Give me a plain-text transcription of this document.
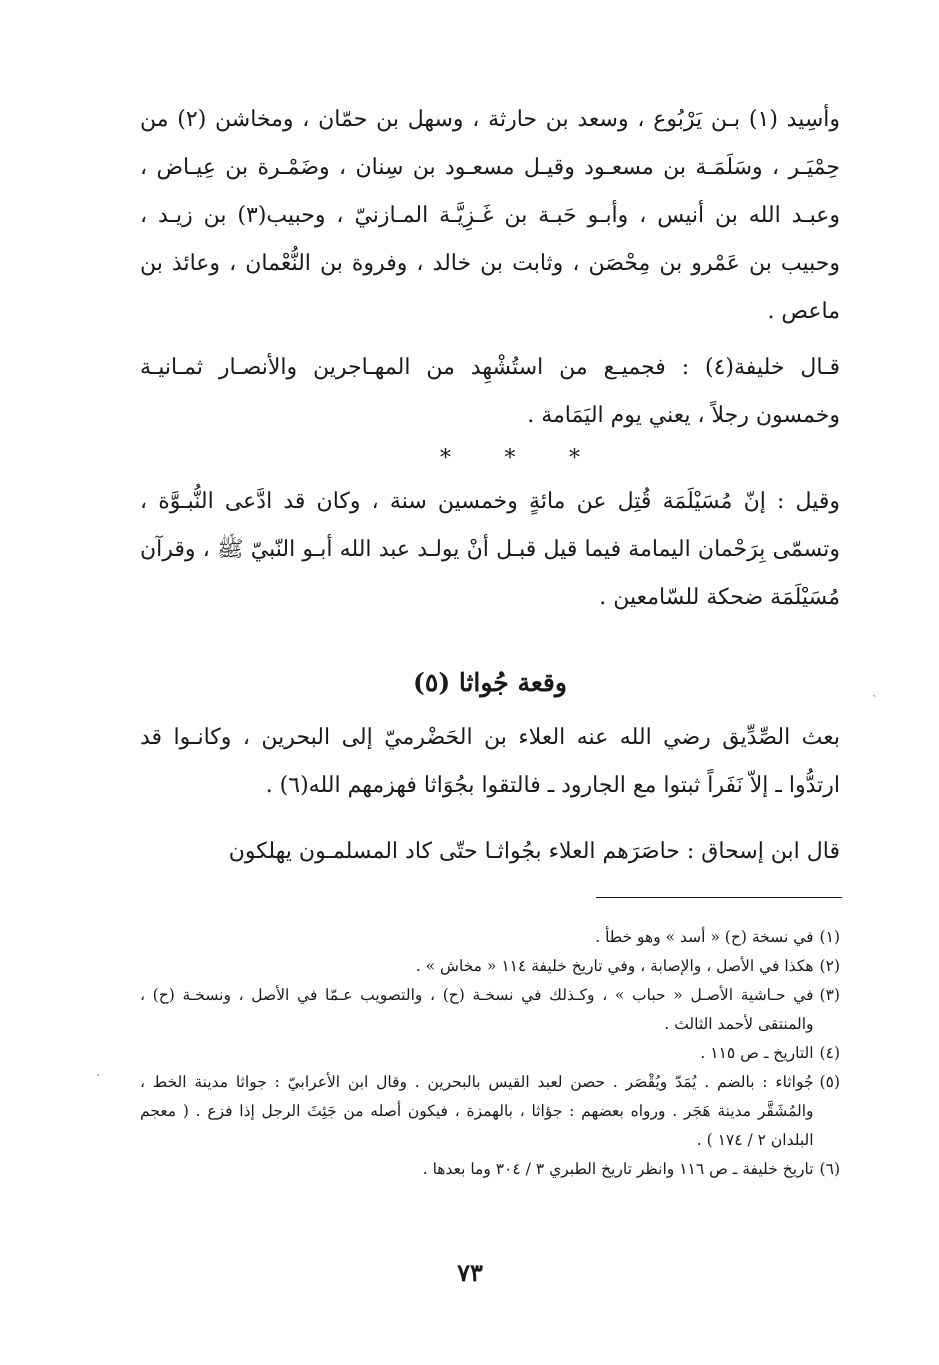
وأسِيد (١) بـن يَرْبُوع ، وسعد بن حارثة ، وسهل بن حمّان ، ومخاشن (٢) من حِمْيَـر ، وسَلَمَـة بن مسعـود وقيـل مسعـود بن سِنان ، وضَمْـرة بن عِيـاض ، وعبـد الله بن أنيس ، وأبـو حَبـة بن غَـزِيَّـة المـازنيّ ، وحبيب(٣) بن زيـد ، وحبيب بن عَمْرو بن مِحْصَن ، وثابت بن خالد ، وفروة بن النُّعْمان ، وعائذ بن ماعص .

قـال خليفة(٤) : فجميـع من استُشْهِد من المهـاجرين والأنصـار ثمـانيـة وخمسون رجلاً ، يعني يوم اليَمَامة .

*
*
*

وقيل : إنّ مُسَيْلَمَة قُتِل عن مائةٍ وخمسين سنة ، وكان قد ادَّعى النُّبـوَّة ، وتسمّى بِرَحْمان اليمامة فيما قيل قبـل أنْ يولـد عبد الله أبـو النّبيّ ﷺ ، وقرآن مُسَيْلَمَة ضحكة للسّامعين .

وقعة جُواثا (٥)

بعث الصِّدِّيق رضي الله عنه العلاء بن الحَضْرميّ إلى البحرين ، وكانـوا قد ارتدُّوا ـ إلاّ نَفَراً ثبتوا مع الجارود ـ فالتقوا بجُوَاثا فهزمهم الله(٦) .

قال ابن إسحاق : حاصَرَهم العلاء بجُواثـا حتّى كاد المسلمـون يهلكون

(١)
في نسخة (ح) « أسد » وهو خطأ .
(٢)
هكذا في الأصل ، والإصابة ، وفي تاريخ خليفة ١١٤ « مخاش » .
(٣)
في حـاشية الأصـل « حباب » ، وكـذلك في نسخـة (ح) ، والتصويب عـمّا في الأصل ، ونسخـة (ح) ، والمنتقى لأحمد الثالث .
(٤)
التاريخ ـ ص ١١٥ .
(٥)
جُواثاء : بالضم . يُمَدّ ويُقْصَر . حصن لعبد القيس بالبحرين . وقال ابن الأعرابيّ : جواثا مدينة الخط ، والمُشَقَّر مدينة هَجَر . ورواه بعضهم : جؤاثا ، بالهمزة ، فيكون أصله من جَئِثَ الرجل إذا فزع . ( معجم البلدان ٢ / ١٧٤ ) .
(٦)
تاريخ خليفة ـ ص ١١٦ وانظر تاريخ الطبري ٣ / ٣٠٤ وما بعدها .
٧٣
ˎ
·
